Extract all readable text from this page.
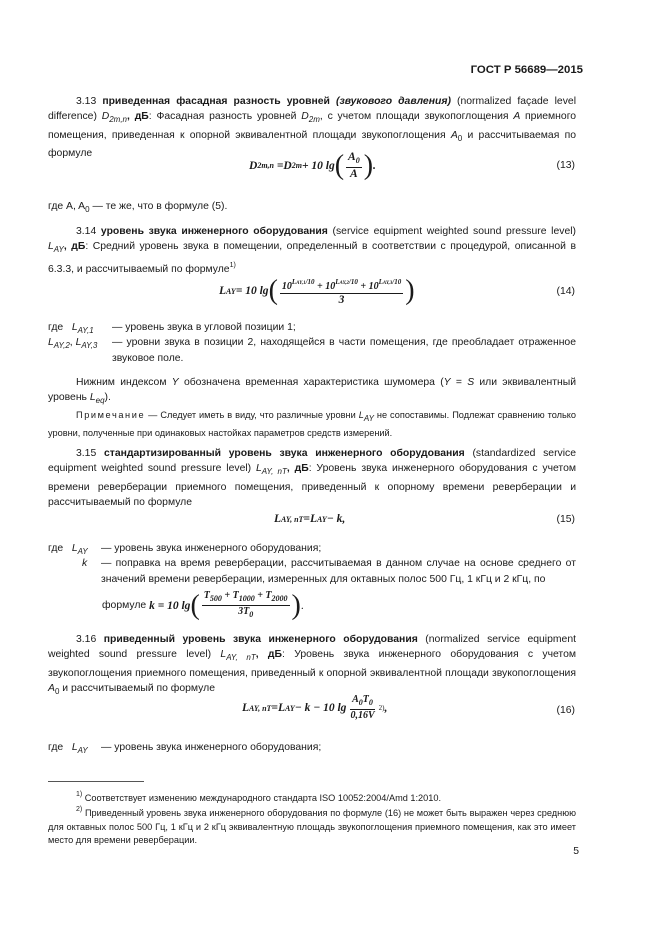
ГОСТ Р 56689—2015
3.13 приведенная фасадная разность уровней (звукового давления) (normalized façade level difference) $D_{2m,n}$, дБ: Фасадная разность уровней $D_{2m}$, с учетом площади звукопоглощения A приемного помещения, приведенная к опорной эквивалентной площади звукопоглощения $A_0$ и рассчитываемая по формуле
D 2m,n
= D 2m + 10 lg ( $\frac{A_0}{A}$ ) .	(13)
где A, $A_0$ — те же, что в формуле (5).
3.14 уровень звука инженерного оборудования (service equipment weighted sound pressure level) $L_{AY}$, дБ: Средний уровень звука в помещении, определенный в соответствии с процедурой, описанной в 6.3.3, и рассчитываемый по формуле$^{1)}$
L AY = 10 lg ( $\frac{10^{LAY,1/10} + 10^{LAY,2/10} + 10^{LAY,3/10}}{3}$ )	(14)
где $L_{AY,1}$ — уровень звука в угловой позиции 1;
$L_{AY,2}$, $L_{AY,3}$ — уровни звука в позиции 2, находящейся в части помещения, где преобладает отраженное звуковое поле.
Нижним индексом Y обозначена временная характеристика шумомера (Y = S или эквивалентный уровень $L_{eq}$).
Примечание — Следует иметь в виду, что различные уровни LAY не сопоставимы. Подлежат сравнению только уровни, полученные при одинаковых настойках параметров средств измерений.
3.15 стандартизированный уровень звука инженерного оборудования (standardized service equipment weighted sound pressure level) $L_{AY, nT}$, дБ: Уровень звука инженерного оборудования с учетом времени реверберации приемного помещения, приведенный к опорному времени реверберации и рассчитываемый по формуле
L AY, nT = L AY − k,	(15)
где $L_{AY}$ — уровень звука инженерного оборудования;
k — поправка на время реверберации, рассчитываемая в данном случае на основе среднего от значений времени реверберации, измеренных для октавных полос 500 Гц, 1 кГц и 2 кГц, по
формуле
k = 10 lg ( $\frac{T_{500} + T_{1000} + T_{2000}}{3T_0}$ ) .
3.16 приведенный уровень звука инженерного оборудования (normalized service equipment weighted sound pressure level) $L_{AY, nT}$, дБ: Уровень звука инженерного оборудования с учетом звукопоглощения приемного помещения, приведенный к опорной эквивалентной площади звукопоглощения $A_0$ и рассчитываемый по формуле
L AY, nT = L AY − k − 10 $\lg \frac{A_0T_0}{0,16V} 2$) ,	(16)
где $L_{AY}$ — уровень звука инженерного оборудования;
$^{1)}$ Соответствует изменению международного стандарта ISO 10052:2004/Amd 1:2010.
$^{2)}$ Приведенный уровень звука инженерного оборудования по формуле (16) не может быть выражен через среднюю для октавных полос 500 Гц, 1 кГц и 2 кГц эквивалентную площадь звукопоглощения приемного помещения, как это имеет место для времени реверберации.
5
